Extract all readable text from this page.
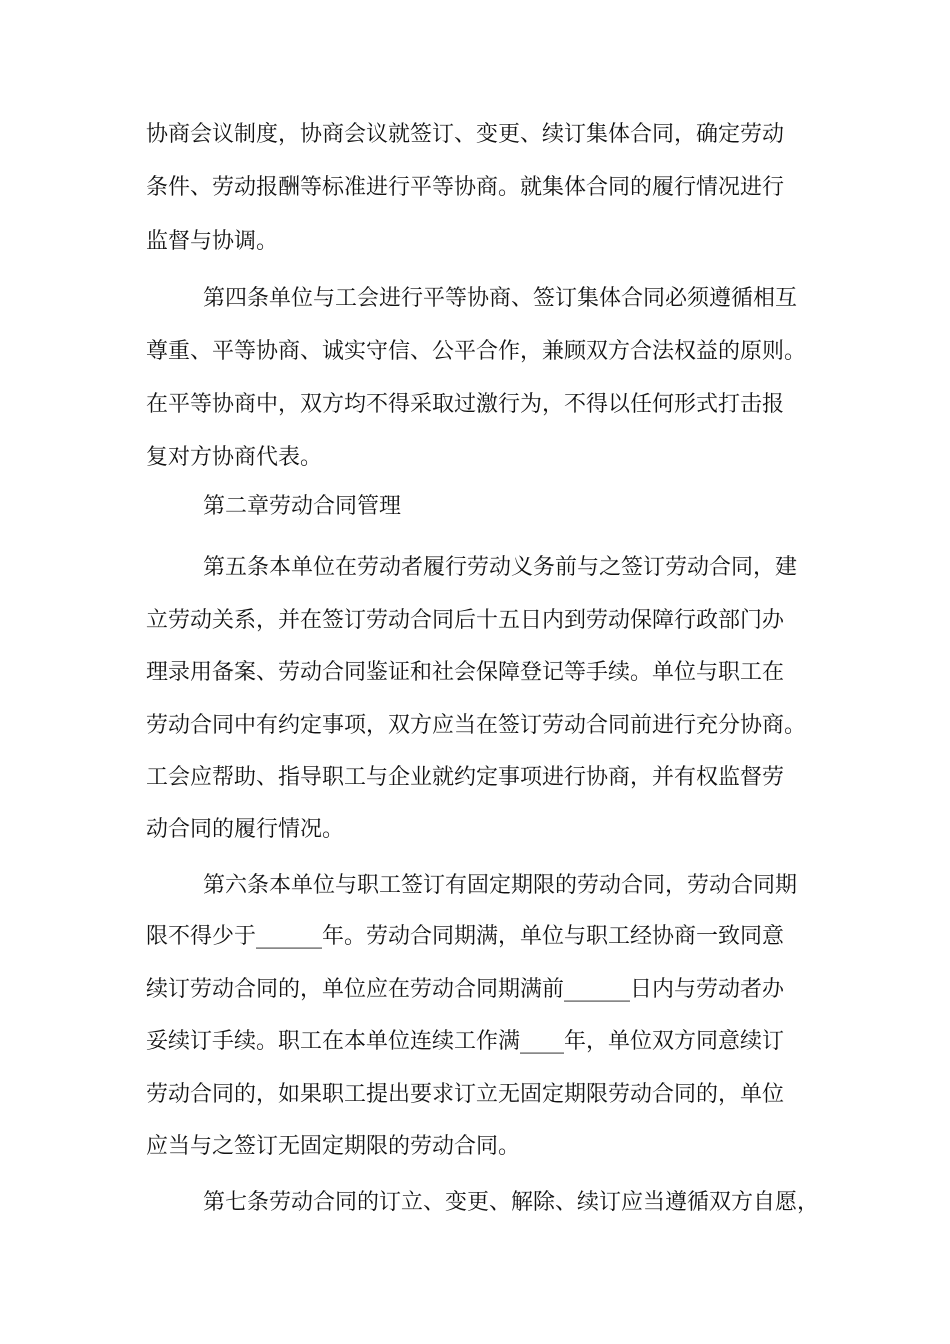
协商会议制度，协商会议就签订、变更、续订集体合同，确定劳动
条件、劳动报酬等标准进行平等协商。就集体合同的履行情况进行
监督与协调。
第四条单位与工会进行平等协商、签订集体合同必须遵循相互
尊重、平等协商、诚实守信、公平合作，兼顾双方合法权益的原则。
在平等协商中，双方均不得采取过激行为，不得以任何形式打击报
复对方协商代表。
第二章劳动合同管理
第五条本单位在劳动者履行劳动义务前与之签订劳动合同，建
立劳动关系，并在签订劳动合同后十五日内到劳动保障行政部门办
理录用备案、劳动合同鉴证和社会保障登记等手续。单位与职工在
劳动合同中有约定事项，双方应当在签订劳动合同前进行充分协商。
工会应帮助、指导职工与企业就约定事项进行协商，并有权监督劳
动合同的履行情况。
第六条本单位与职工签订有固定期限的劳动合同，劳动合同期
限不得少于______年。劳动合同期满，单位与职工经协商一致同意
续订劳动合同的，单位应在劳动合同期满前______日内与劳动者办
妥续订手续。职工在本单位连续工作满____年，单位双方同意续订
劳动合同的，如果职工提出要求订立无固定期限劳动合同的，单位
应当与之签订无固定期限的劳动合同。
第七条劳动合同的订立、变更、解除、续订应当遵循双方自愿，
